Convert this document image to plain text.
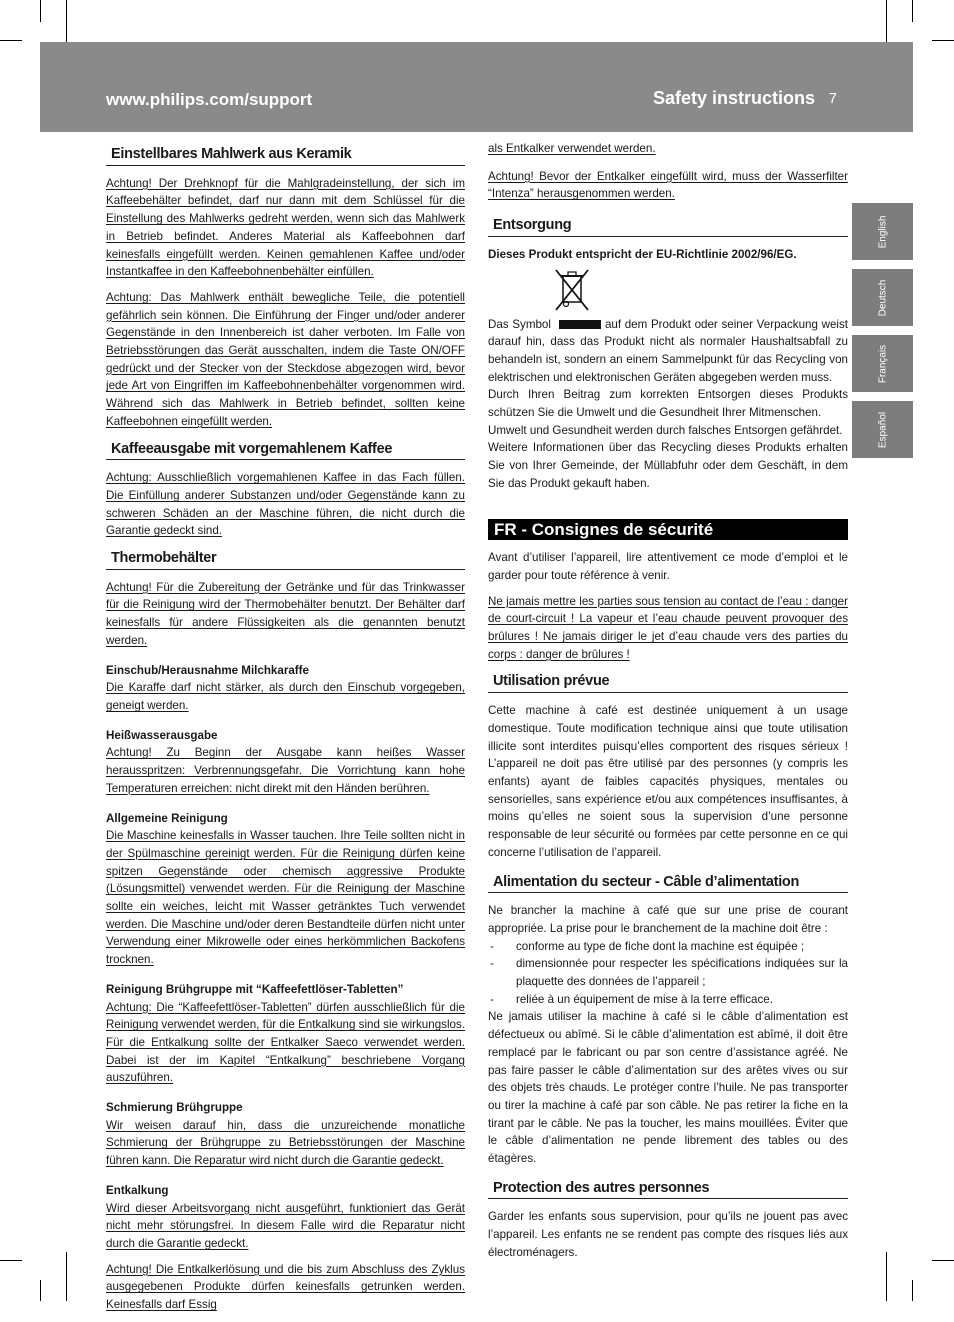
www.philips.com/support	Safety instructions 7
English
Deutsch
Français
Español
Einstellbares Mahlwerk aus Keramik

Achtung! Der Drehknopf für die Mahlgradeinstellung, der sich im Kaffeebehälter befindet, darf nur dann mit dem Schlüssel für die Einstellung des Mahlwerks gedreht werden, wenn sich das Mahlwerk in Betrieb befindet. Anderes Material als Kaffeebohnen darf keinesfalls eingefüllt werden. Keinen gemahlenen Kaffee und/oder Instantkaffee in den Kaffeebohnenbehälter einfüllen.

Achtung: Das Mahlwerk enthält bewegliche Teile, die potentiell gefährlich sein können. Die Einführung der Finger und/oder anderer Gegenstände in den Innenbereich ist daher verboten. Im Falle von Betriebsstörungen das Gerät ausschalten, indem die Taste ON/OFF gedrückt und der Stecker von der Steckdose abgezogen wird, bevor jede Art von Eingriffen im Kaffeebohnenbehälter vorgenommen wird. Während sich das Mahlwerk in Betrieb befindet, sollten keine Kaffeebohnen eingefüllt werden.

Kaffeeausgabe mit vorgemahlenem Kaffee

Achtung: Ausschließlich vorgemahlenen Kaffee in das Fach füllen. Die Einfüllung anderer Substanzen und/oder Gegenstände kann zu schweren Schäden an der Maschine führen, die nicht durch die Garantie gedeckt sind.

Thermobehälter

Achtung! Für die Zubereitung der Getränke und für das Trinkwasser für die Reinigung wird der Thermobehälter benutzt. Der Behälter darf keinesfalls für andere Flüssigkeiten als die genannten benutzt werden.

Einschub/Herausnahme Milchkaraffe

Die Karaffe darf nicht stärker, als durch den Einschub vorgegeben, geneigt werden.

Heißwasserausgabe

Achtung! Zu Beginn der Ausgabe kann heißes Wasser herausspritzen: Verbrennungsgefahr. Die Vorrichtung kann hohe Temperaturen erreichen: nicht direkt mit den Händen berühren.

Allgemeine Reinigung

Die Maschine keinesfalls in Wasser tauchen. Ihre Teile sollten nicht in der Spülmaschine gereinigt werden. Für die Reinigung dürfen keine spitzen Gegenstände oder chemisch aggressive Produkte (Lösungsmittel) verwendet werden. Für die Reinigung der Maschine sollte ein weiches, leicht mit Wasser getränktes Tuch verwendet werden. Die Maschine und/oder deren Bestandteile dürfen nicht unter Verwendung einer Mikrowelle oder eines herkömmlichen Backofens trocknen.

Reinigung Brühgruppe mit “Kaffeefettlöser-Tabletten”

Achtung: Die “Kaffeefettlöser-Tabletten” dürfen ausschließlich für die Reinigung verwendet werden, für die Entkalkung sind sie wirkungslos. Für die Entkalkung sollte der Entkalker Saeco verwendet werden. Dabei ist der im Kapitel “Entkalkung” beschriebene Vorgang auszuführen.

Schmierung Brühgruppe

Wir weisen darauf hin, dass die unzureichende monatliche Schmierung der Brühgruppe zu Betriebsstörungen der Maschine führen kann. Die Reparatur wird nicht durch die Garantie gedeckt.

Entkalkung

Wird dieser Arbeitsvorgang nicht ausgeführt, funktioniert das Gerät nicht mehr störungsfrei. In diesem Falle wird die Reparatur nicht durch die Garantie gedeckt.

Achtung! Die Entkalkerlösung und die bis zum Abschluss des Zyklus ausgegebenen Produkte dürfen keinesfalls getrunken werden. Keinesfalls darf Essig

als Entkalker verwendet werden.

Achtung! Bevor der Entkalker eingefüllt wird, muss der Wasserfilter “Intenza” herausgenommen werden.

Entsorgung

Dieses Produkt entspricht der EU-Richtlinie 2002/96/EG.

Das Symbol	auf dem Produkt oder seiner Verpackung weist darauf hin, dass das Produkt nicht als normaler Haushaltsabfall zu behandeln ist, sondern an einem Sammelpunkt für das Recycling von elektrischen und elektronischen Geräten abgegeben werden muss.

Durch Ihren Beitrag zum korrekten Entsorgen dieses Produkts schützen Sie die Umwelt und die Gesundheit Ihrer Mitmenschen.

Umwelt und Gesundheit werden durch falsches Entsorgen gefährdet.

Weitere Informationen über das Recycling dieses Produkts erhalten Sie von Ihrer Gemeinde, der Müllabfuhr oder dem Geschäft, in dem Sie das Produkt gekauft haben.

FR - Consignes de sécurité

Avant d’utiliser l’appareil, lire attentivement ce mode d’emploi et le garder pour toute référence à venir.

Ne jamais mettre les parties sous tension au contact de l’eau : danger de court-circuit ! La vapeur et l’eau chaude peuvent provoquer des brûlures ! Ne jamais diriger le jet d’eau chaude vers des parties du corps : danger de brûlures !

Utilisation prévue

Cette machine à café est destinée uniquement à un usage domestique. Toute modification technique ainsi que toute utilisation illicite sont interdites puisqu’elles comportent des risques sérieux ! L’appareil ne doit pas être utilisé par des personnes (y compris les enfants) ayant de faibles capacités physiques, mentales ou sensorielles, sans expérience et/ou aux compétences insuffisantes, à moins qu’elles ne soient sous la supervision d’une personne responsable de leur sécurité ou formées par cette personne en ce qui concerne l’utilisation de l’appareil.

Alimentation du secteur - Câble d’alimentation

Ne brancher la machine à café que sur une prise de courant appropriée. La prise pour le branchement de la machine doit être :

- conforme au type de fiche dont la machine est équipée ;
- dimensionnée pour respecter les spécifications indiquées sur la plaquette des données de l’appareil ;
- reliée à un équipement de mise à la terre efficace.

Ne jamais utiliser la machine à café si le câble d’alimentation est défectueux ou abîmé. Si le câble d’alimentation est abîmé, il doit être remplacé par le fabricant ou par son centre d’assistance agréé. Ne pas faire passer le câble d’alimentation sur des arêtes vives ou sur des objets très chauds. Le protéger contre l’huile. Ne pas transporter ou tirer la machine à café par son câble. Ne pas retirer la fiche en la tirant par le câble. Ne pas la toucher, les mains mouillées. Éviter que le câble d’alimentation ne pende librement des tables ou des étagères.

Protection des autres personnes

Garder les enfants sous supervision, pour qu’ils ne jouent pas avec l’appareil. Les enfants ne se rendent pas compte des risques liés aux électroménagers.
